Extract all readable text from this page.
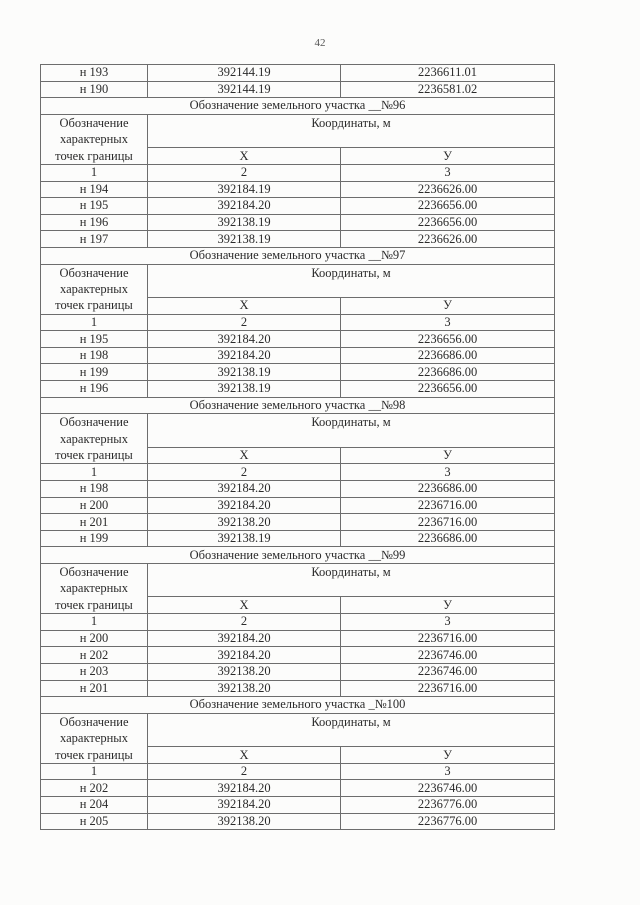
42
н 193	392144.19	2236611.01
н 190	392144.19	2236581.02
Обозначение земельного участка __№96		

Обозначение
характерных
точек границы	Координаты, м	
	X	У
1	2	3
н 194	392184.19	2236626.00
н 195	392184.20	2236656.00
н 196	392138.19	2236656.00
н 197	392138.19	2236626.00
Обозначение земельного участка __№97		

Обозначение
характерных
точек границы	Координаты, м	
	X	У
1	2	3
н 195	392184.20	2236656.00
н 198	392184.20	2236686.00
н 199	392138.19	2236686.00
н 196	392138.19	2236656.00
Обозначение земельного участка __№98		

Обозначение
характерных
точек границы	Координаты, м	
	X	У
1	2	3
н 198	392184.20	2236686.00
н 200	392184.20	2236716.00
н 201	392138.20	2236716.00
н 199	392138.19	2236686.00
Обозначение земельного участка __№99		

Обозначение
характерных
точек границы	Координаты, м	
	X	У
1	2	3
н 200	392184.20	2236716.00
н 202	392184.20	2236746.00
н 203	392138.20	2236746.00
н 201	392138.20	2236716.00
Обозначение земельного участка _№100		

Обозначение
характерных
точек границы	Координаты, м	
	X	У
1	2	3
н 202	392184.20	2236746.00
н 204	392184.20	2236776.00
н 205	392138.20	2236776.00
